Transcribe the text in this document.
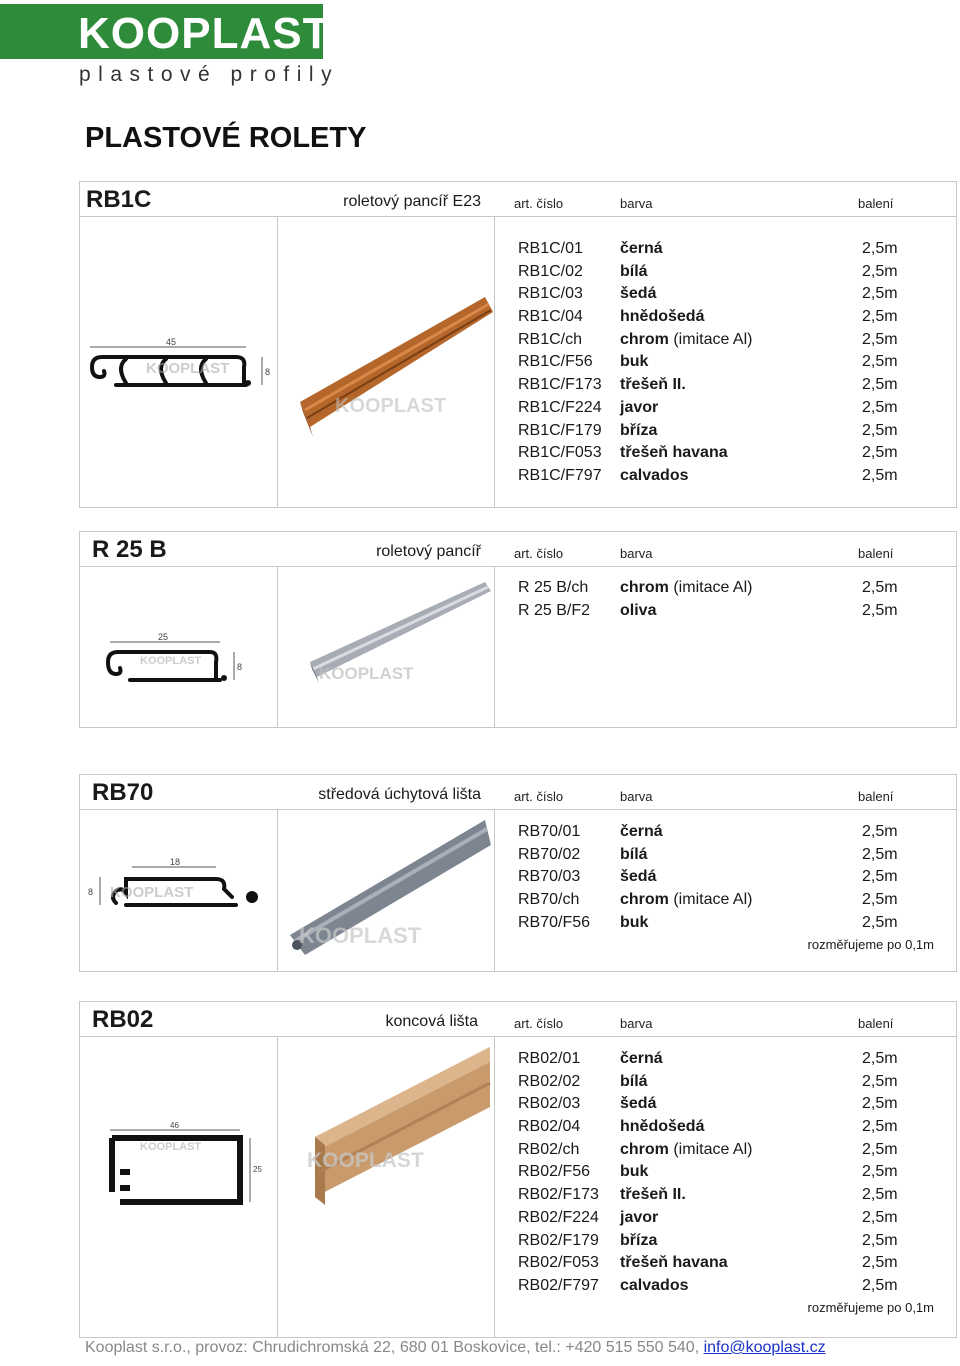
KOOPLAST
plastové profily
PLASTOVÉ ROLETY
RB1C	roletový pancíř E23	art. číslo	barva	balení
45
8
KOOPLAST
KOOPLAST
RB1C/01 černá	2,5m
RB1C/02 bílá	2,5m
RB1C/03 šedá	2,5m
RB1C/04 hnědošedá	2,5m
RB1C/ch chrom (imitace Al)	2,5m
RB1C/F56 buk	2,5m
RB1C/F173 třešeň II.	2,5m
RB1C/F224 javor	2,5m
RB1C/F179 bříza	2,5m
RB1C/F053 třešeň havana	2,5m
RB1C/F797 calvados	2,5m
R 25 B	roletový pancíř	art. číslo	barva	balení
25
8
KOOPLAST
KOOPLAST
R 25 B/ch chrom (imitace Al)	2,5m
R 25 B/F2 oliva	2,5m
RB70	středová úchytová lišta	art. číslo	barva	balení
18
8 KOOPLAST
KOOPLAST
RB70/01 černá	2,5m
RB70/02 bílá	2,5m
RB70/03 šedá	2,5m
RB70/ch	chrom (imitace Al)	2,5m
RB70/F56 buk	2,5m
rozměřujeme po 0,1m
RB02	koncová lišta	art. číslo	barva	balení
46
25
KOOPLAST
KOOPLAST
RB02/01 černá	2,5m
RB02/02 bílá	2,5m
RB02/03 šedá	2,5m
RB02/04 hnědošedá	2,5m
RB02/ch	chrom (imitace Al)	2,5m
RB02/F56 buk	2,5m
RB02/F173 třešeň II.	2,5m
RB02/F224 javor	2,5m
RB02/F179 bříza	2,5m
RB02/F053 třešeň havana	2,5m
RB02/F797 calvados	2,5m
rozměřujeme po 0,1m
Kooplast s.r.o., provoz: Chrudichromská 22, 680 01 Boskovice, tel.: +420 515 550 540, info@kooplast.cz
